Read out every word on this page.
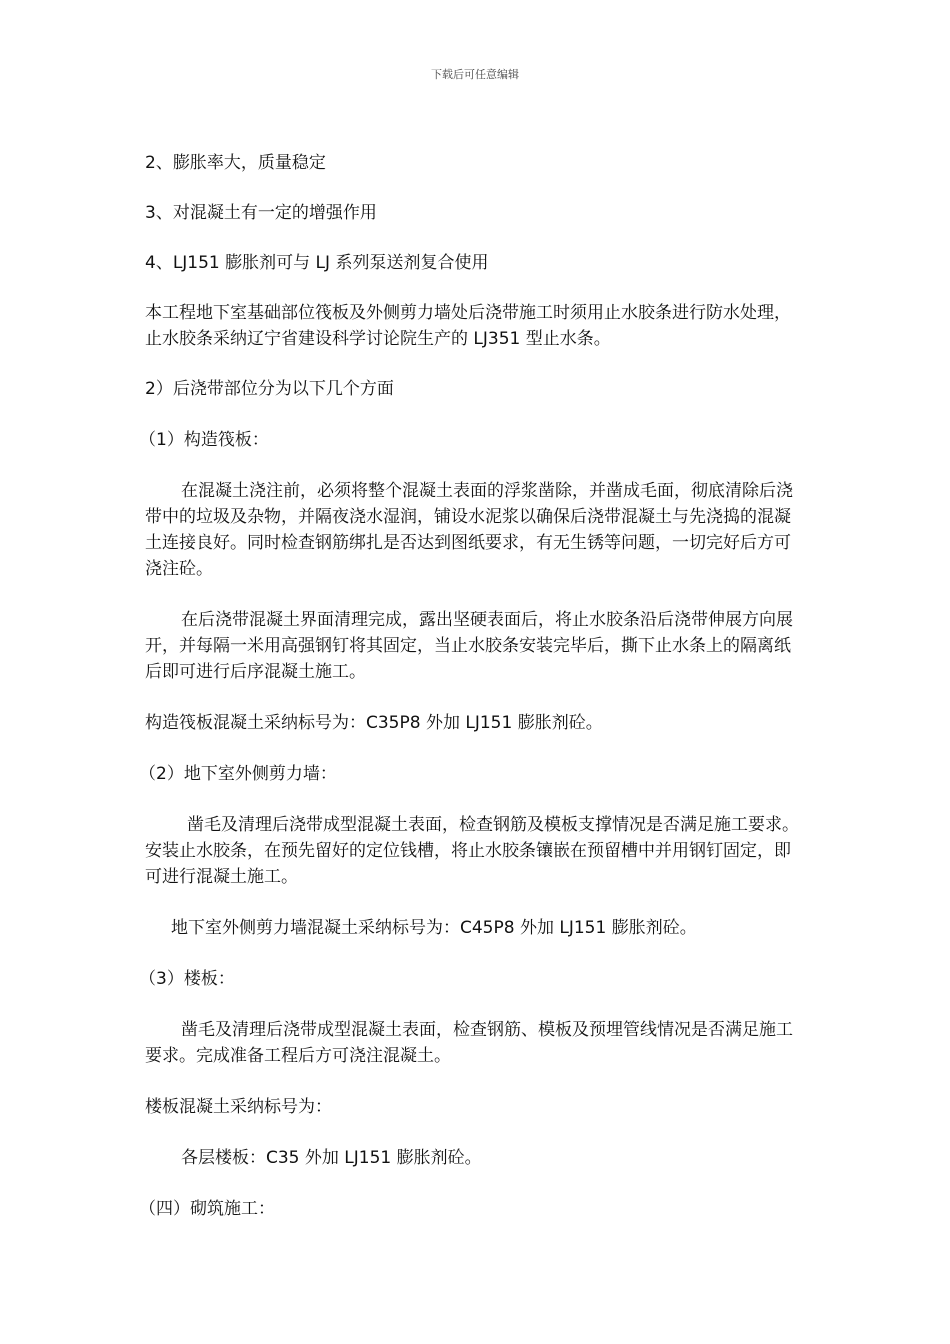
下载后可任意编辑

2、膨胀率大，质量稳定

3、对混凝土有一定的增强作用

4、LJ151 膨胀剂可与 LJ 系列泵送剂复合使用

本工程地下室基础部位筏板及外侧剪力墙处后浇带施工时须用止水胶条进行防水处理，止水胶条采纳辽宁省建设科学讨论院生产的 LJ351 型止水条。

2）后浇带部位分为以下几个方面

（1）构造筏板：

在混凝土浇注前，必须将整个混凝土表面的浮浆凿除，并凿成毛面，彻底清除后浇带中的垃圾及杂物，并隔夜浇水湿润，铺设水泥浆以确保后浇带混凝土与先浇捣的混凝土连接良好。同时检查钢筋绑扎是否达到图纸要求，有无生锈等问题，一切完好后方可浇注砼。

在后浇带混凝土界面清理完成，露出坚硬表面后，将止水胶条沿后浇带伸展方向展开，并每隔一米用高强钢钉将其固定，当止水胶条安装完毕后，撕下止水条上的隔离纸后即可进行后序混凝土施工。

构造筏板混凝土采纳标号为：C35P8 外加 LJ151 膨胀剂砼。

（2）地下室外侧剪力墙：

凿毛及清理后浇带成型混凝土表面，检查钢筋及模板支撑情况是否满足施工要求。安装止水胶条，在预先留好的定位钱槽，将止水胶条镶嵌在预留槽中并用钢钉固定，即可进行混凝土施工。

地下室外侧剪力墙混凝土采纳标号为：C45P8 外加 LJ151 膨胀剂砼。

（3）楼板：

凿毛及清理后浇带成型混凝土表面，检查钢筋、模板及预埋管线情况是否满足施工要求。完成准备工程后方可浇注混凝土。

楼板混凝土采纳标号为：

各层楼板：C35 外加 LJ151 膨胀剂砼。

（四）砌筑施工：
